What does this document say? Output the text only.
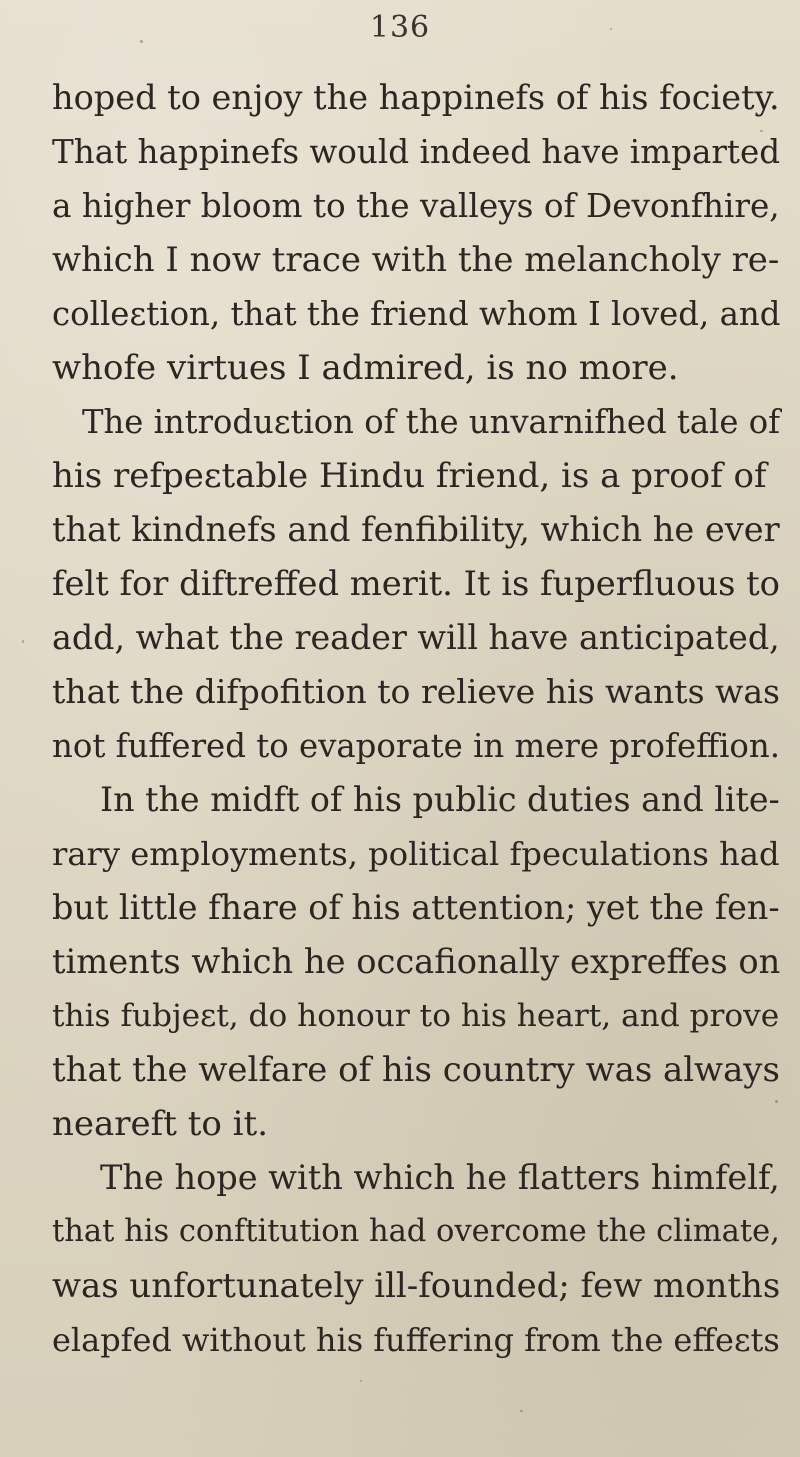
136
hoped to enjoy the happinefs of his fociety.
That happinefs would indeed have imparted
a higher bloom to the valleys of Devonfhire,
which I now trace with the melancholy re-
colleɛtion, that the friend whom I loved, and
whofe virtues I admired, is no more.
The introduɛtion of the unvarnifhed tale of
his refpeɛtable Hindu friend, is a proof of
that kindnefs and fenfibility, which he ever
felt for diftreffed merit. It is fuperfluous to
add, what the reader will have anticipated,
that the difpofition to relieve his wants was
not fuffered to evaporate in mere profeffion.
In the midft of his public duties and lite-
rary employments, political fpeculations had
but little fhare of his attention; yet the fen-
timents which he occafionally expreffes on
this fubjeɛt, do honour to his heart, and prove
that the welfare of his country was always
neareft to it.
The hope with which he flatters himfelf,
that his conftitution had overcome the climate,
was unfortunately ill-founded; few months
elapfed without his fuffering from the effeɛts
